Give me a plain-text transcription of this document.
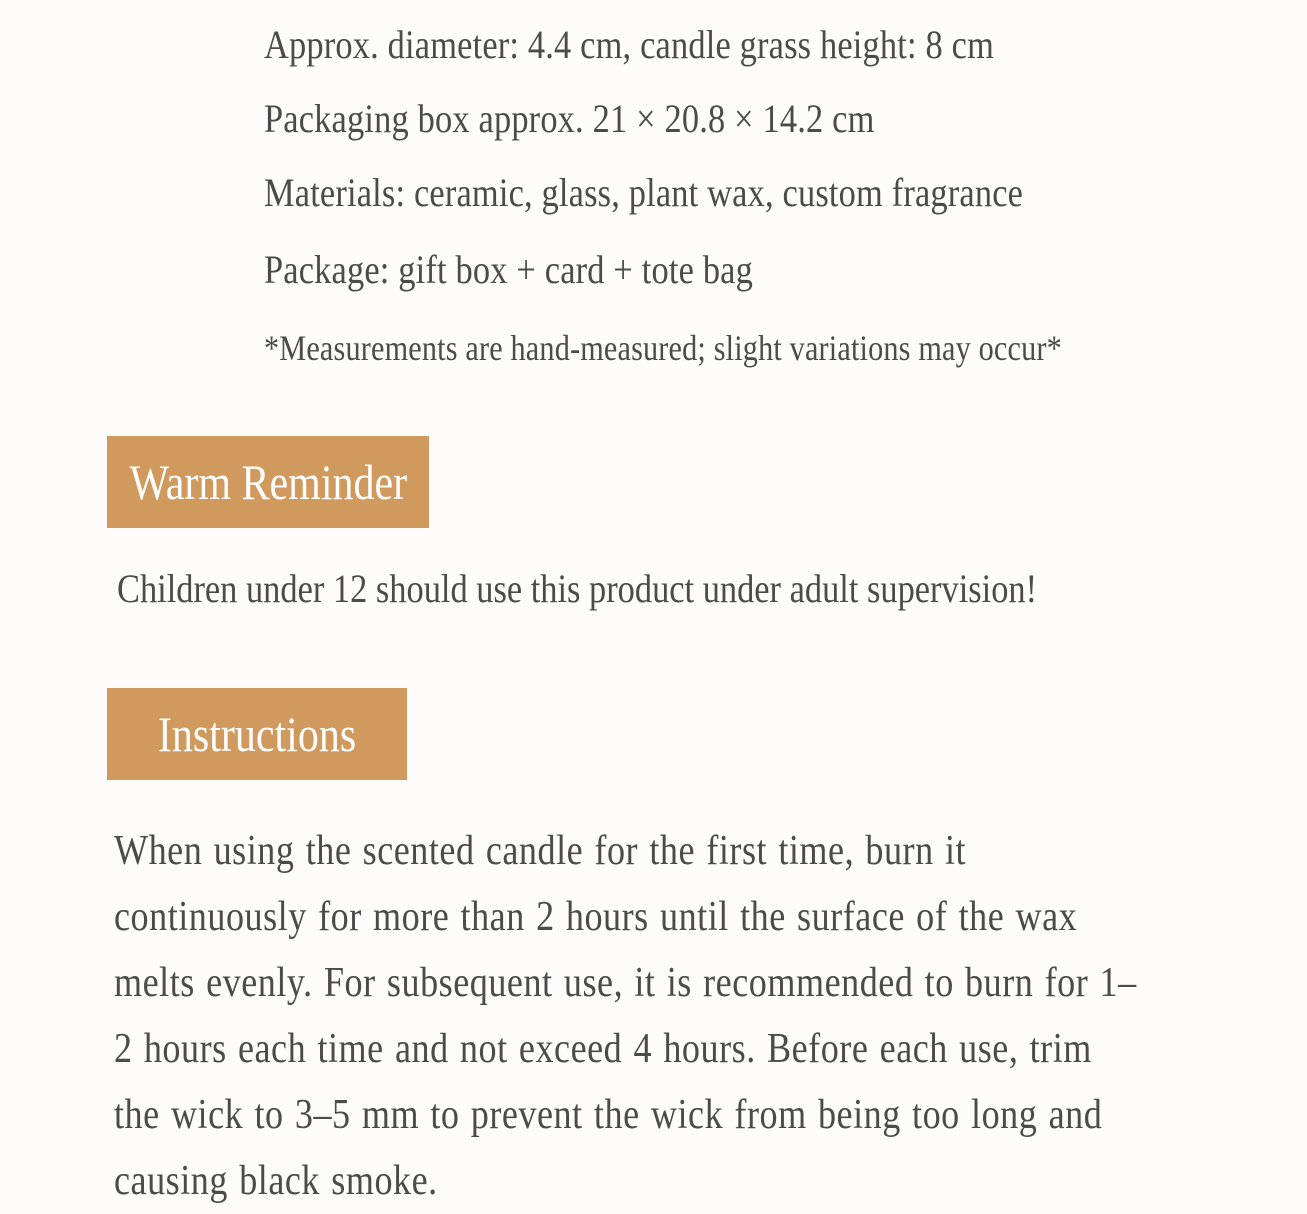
Approx. diameter: 4.4 cm, candle grass height: 8 cm

Packaging box approx. 21 × 20.8 × 14.2 cm

Materials: ceramic, glass, plant wax, custom fragrance

Package: gift box + card + tote bag

*Measurements are hand-measured; slight variations may occur*

Warm Reminder

Children under 12 should use this product under adult supervision!

Instructions

When using the scented candle for the first time, burn it continuously for more than 2 hours until the surface of the wax melts evenly. For subsequent use, it is recommended to burn for 1–2 hours each time and not exceed 4 hours. Before each use, trim the wick to 3–5 mm to prevent the wick from being too long and causing black smoke.
